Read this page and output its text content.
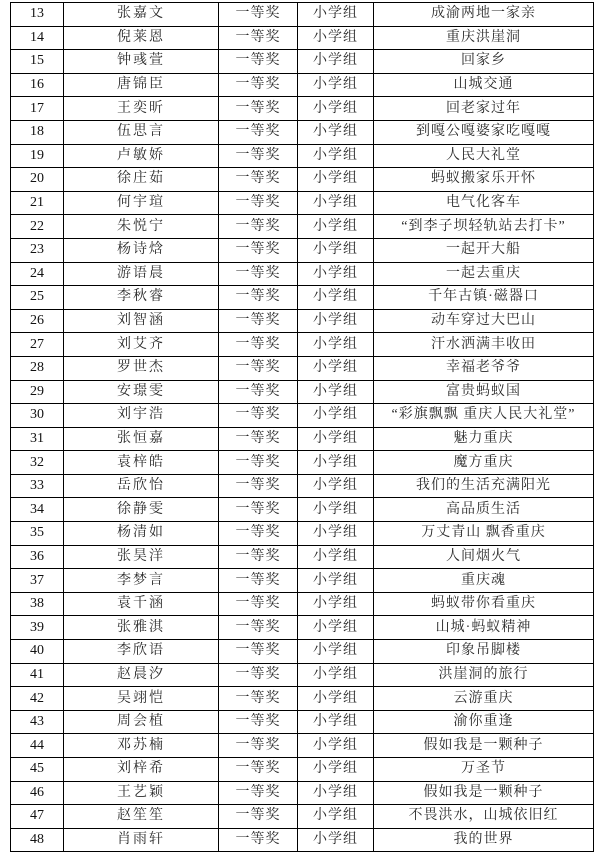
13	张嘉文	一等奖	小学组	成渝两地一家亲
14	倪莱恩	一等奖	小学组	重庆洪崖洞
15	钟彧萱	一等奖	小学组	回家乡
16	唐锦臣	一等奖	小学组	山城交通
17	王奕昕	一等奖	小学组	回老家过年
18	伍思言	一等奖	小学组	到嘎公嘎婆家吃嘎嘎
19	卢敏娇	一等奖	小学组	人民大礼堂
20	徐庄茹	一等奖	小学组	蚂蚁搬家乐开怀
21	何宇瑄	一等奖	小学组	电气化客车
22	朱悦宁	一等奖	小学组	“到李子坝轻轨站去打卡”
23	杨诗焓	一等奖	小学组	一起开大船
24	游语晨	一等奖	小学组	一起去重庆
25	李秋睿	一等奖	小学组	千年古镇·磁器口
26	刘智涵	一等奖	小学组	动车穿过大巴山
27	刘艾齐	一等奖	小学组	汗水洒满丰收田
28	罗世杰	一等奖	小学组	幸福老爷爷
29	安璟雯	一等奖	小学组	富贵蚂蚁国
30	刘宇浩	一等奖	小学组	“彩旗飘飘 重庆人民大礼堂”
31	张恒嘉	一等奖	小学组	魅力重庆
32	袁梓皓	一等奖	小学组	魔方重庆
33	岳欣怡	一等奖	小学组	我们的生活充满阳光
34	徐静雯	一等奖	小学组	高品质生活
35	杨清如	一等奖	小学组	万丈青山 飘香重庆
36	张昊洋	一等奖	小学组	人间烟火气
37	李梦言	一等奖	小学组	重庆魂
38	袁千涵	一等奖	小学组	蚂蚁带你看重庆
39	张雅淇	一等奖	小学组	山城·蚂蚁精神
40	李欣语	一等奖	小学组	印象吊脚楼
41	赵晨汐	一等奖	小学组	洪崖洞的旅行
42	吴翊恺	一等奖	小学组	云游重庆
43	周会植	一等奖	小学组	渝你重逢
44	邓苏楠	一等奖	小学组	假如我是一颗种子
45	刘梓希	一等奖	小学组	万圣节
46	王艺颖	一等奖	小学组	假如我是一颗种子
47	赵笙笙	一等奖	小学组	不畏洪水，山城依旧红
48	肖雨轩	一等奖	小学组	我的世界
